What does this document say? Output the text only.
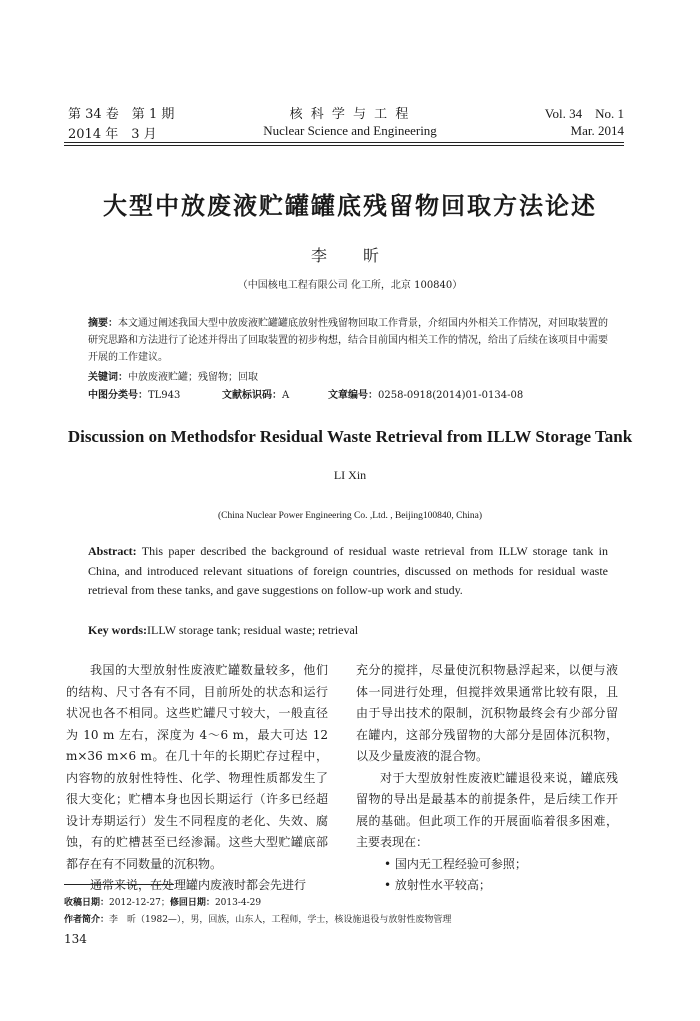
第 34 卷　第 1 期
2014 年　3 月
核 科 学 与 工 程
Nuclear Science and Engineering
Vol. 34　No. 1
Mar. 2014
大型中放废液贮罐罐底残留物回取方法论述
李　昕
（中国核电工程有限公司 化工所，北京 100840）
摘要：本文通过阐述我国大型中放废液贮罐罐底放射性残留物回取工作背景，介绍国内外相关工作情况，对回取装置的研究思路和方法进行了论述并得出了回取装置的初步构想，结合目前国内相关工作的情况，给出了后续在该项目中需要开展的工作建议。
关键词：中放废液贮罐；残留物；回取
中图分类号：TL943	文献标识码：A	文章编号：0258-0918(2014)01-0134-08
Discussion on Methodsfor Residual Waste Retrieval from ILLW Storage Tank
LI Xin
(China Nuclear Power Engineering Co. ,Ltd. , Beijing100840, China)
Abstract: This paper described the background of residual waste retrieval from ILLW storage tank in China, and introduced relevant situations of foreign countries, discussed on methods for residual waste retrieval from these tanks, and gave suggestions on follow-up work and study.
Key words:ILLW storage tank; residual waste; retrieval

我国的大型放射性废液贮罐数量较多，他们的结构、尺寸各有不同，目前所处的状态和运行状况也各不相同。这些贮罐尺寸较大，一般直径为 10 m 左右，深度为 4～6 m，最大可达 12 m×36 m×6 m。在几十年的长期贮存过程中，内容物的放射性特性、化学、物理性质都发生了很大变化；贮槽本身也因长期运行（许多已经超设计寿期运行）发生不同程度的老化、失效、腐蚀，有的贮槽甚至已经渗漏。这些大型贮罐底部都存在有不同数量的沉积物。

通常来说，在处理罐内废液时都会先进行

充分的搅拌，尽量使沉积物悬浮起来，以便与液体一同进行处理，但搅拌效果通常比较有限，且由于导出技术的限制，沉积物最终会有少部分留在罐内，这部分残留物的大部分是固体沉积物，以及少量废液的混合物。

对于大型放射性废液贮罐退役来说，罐底残留物的导出是最基本的前提条件，是后续工作开展的基础。但此项工作的开展面临着很多困难，主要表现在：

• 国内无工程经验可参照；
• 放射性水平较高；
收稿日期：2012-12-27；修回日期：2013-4-29
作者简介：李　昕（1982—），男，回族，山东人，工程师，学士，核设施退役与放射性废物管理
134
